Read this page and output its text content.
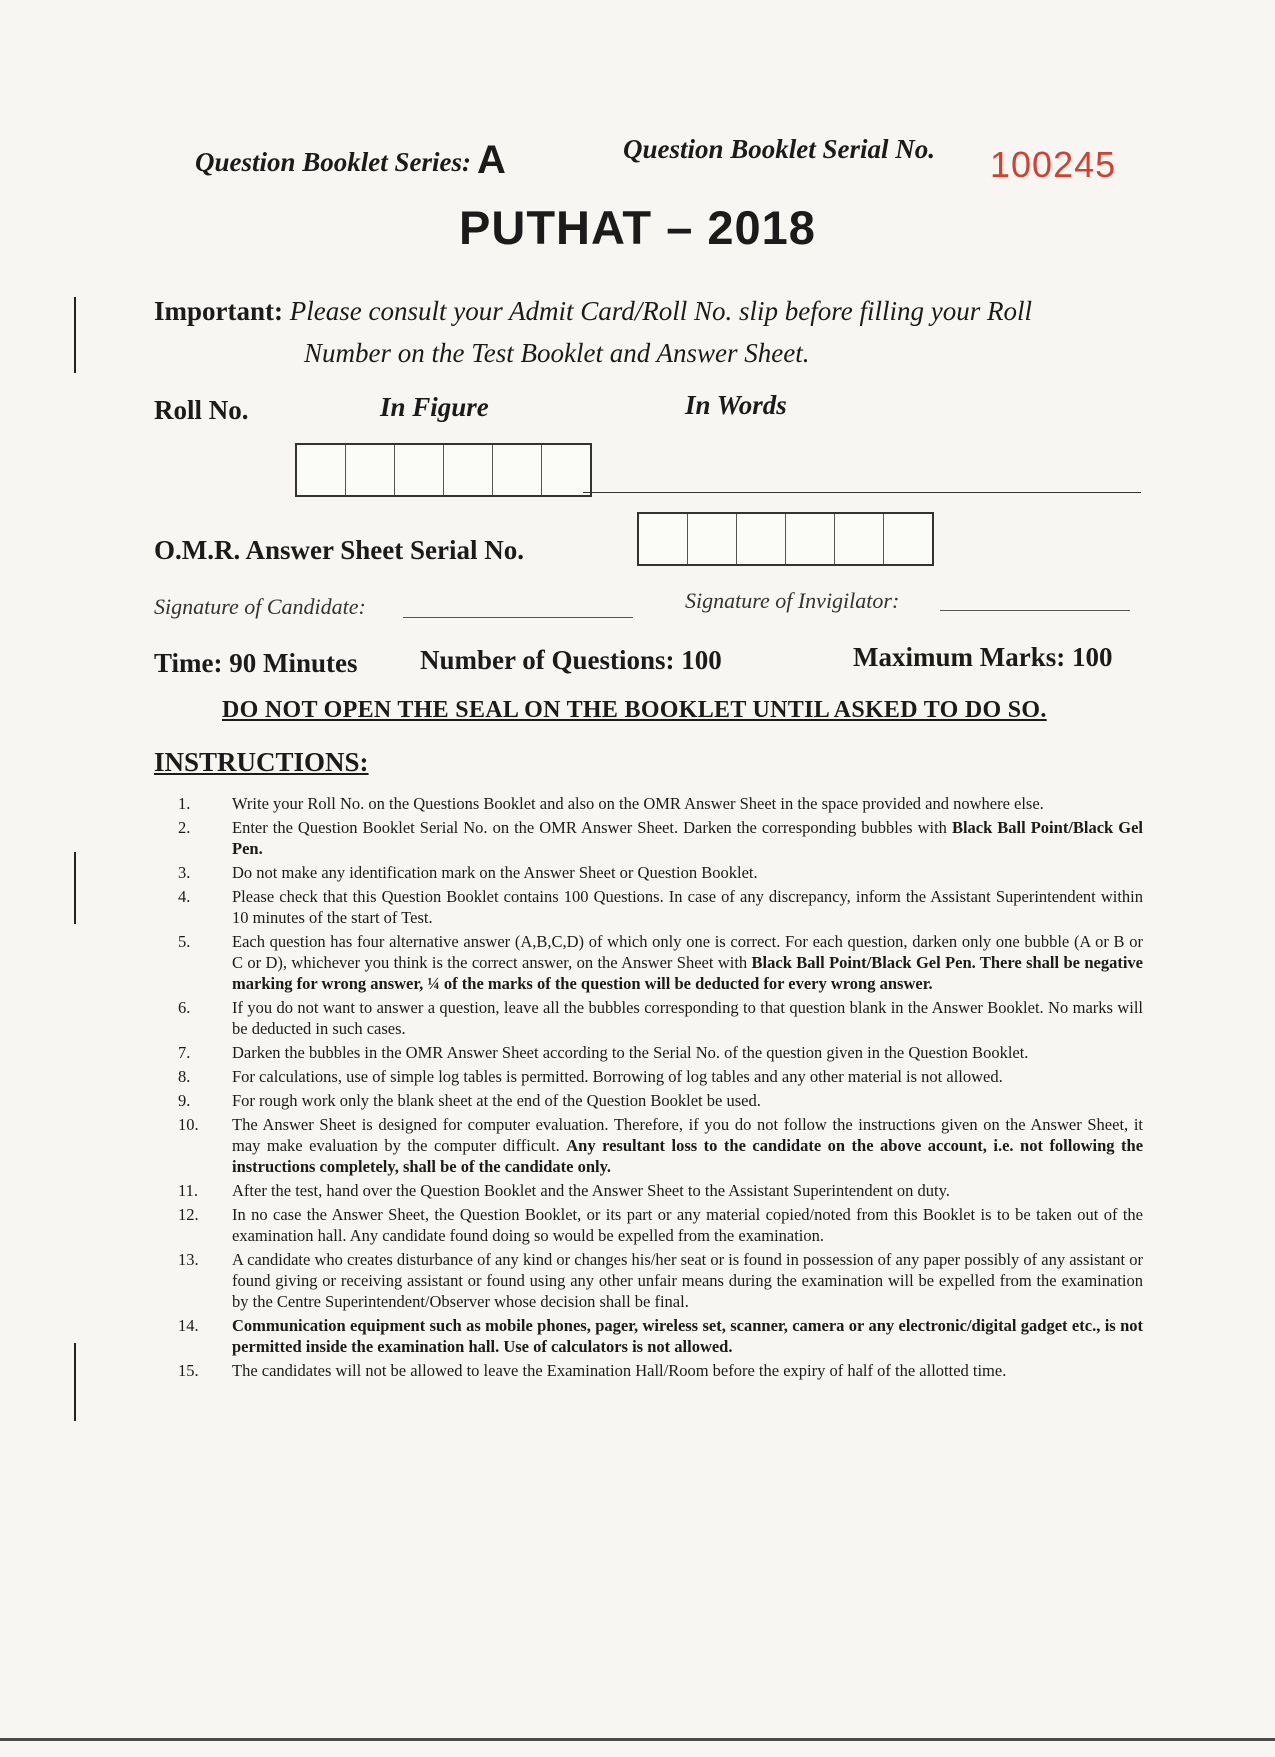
Question Booklet Series: A	Question Booklet Serial No. 100245
PUTHAT – 2018
Important: Please consult your Admit Card/Roll No. slip before filling your Roll
Number on the Test Booklet and Answer Sheet.
Roll No.	In Figure	In Words
O.M.R. Answer Sheet Serial No.
Signature of Candidate:	Signature of Invigilator:
Time: 90 Minutes Number of Questions: 100	Maximum Marks: 100
DO NOT OPEN THE SEAL ON THE BOOKLET UNTIL ASKED TO DO SO.
INSTRUCTIONS:
1.	Write your Roll No. on the Questions Booklet and also on the OMR Answer Sheet in the space provided and nowhere else.
2.	Enter the Question Booklet Serial No. on the OMR Answer Sheet. Darken the corresponding bubbles with Black Ball Point/Black Gel Pen.
3.	Do not make any identification mark on the Answer Sheet or Question Booklet.
4.	Please check that this Question Booklet contains 100 Questions. In case of any discrepancy, inform the Assistant Superintendent within 10 minutes of the start of Test.
5.	Each question has four alternative answer (A,B,C,D) of which only one is correct. For each question, darken only one bubble (A or B or C or D), whichever you think is the correct answer, on the Answer Sheet with Black Ball Point/Black Gel Pen. There shall be negative marking for wrong answer, ¼ of the marks of the question will be deducted for every wrong answer.
6.	If you do not want to answer a question, leave all the bubbles corresponding to that question blank in the Answer Booklet. No marks will be deducted in such cases.
7.	Darken the bubbles in the OMR Answer Sheet according to the Serial No. of the question given in the Question Booklet.
8.	For calculations, use of simple log tables is permitted. Borrowing of log tables and any other material is not allowed.
9.	For rough work only the blank sheet at the end of the Question Booklet be used.
10.	The Answer Sheet is designed for computer evaluation. Therefore, if you do not follow the instructions given on the Answer Sheet, it may make evaluation by the computer difficult. Any resultant loss to the candidate on the above account, i.e. not following the instructions completely, shall be of the candidate only.
11.	After the test, hand over the Question Booklet and the Answer Sheet to the Assistant Superintendent on duty.
12.	In no case the Answer Sheet, the Question Booklet, or its part or any material copied/noted from this Booklet is to be taken out of the examination hall. Any candidate found doing so would be expelled from the examination.
13.	A candidate who creates disturbance of any kind or changes his/her seat or is found in possession of any paper possibly of any assistant or found giving or receiving assistant or found using any other unfair means during the examination will be expelled from the examination by the Centre Superintendent/Observer whose decision shall be final.
14.	Communication equipment such as mobile phones, pager, wireless set, scanner, camera or any electronic/digital gadget etc., is not permitted inside the examination hall. Use of calculators is not allowed.
15.	The candidates will not be allowed to leave the Examination Hall/Room before the expiry of half of the allotted time.
